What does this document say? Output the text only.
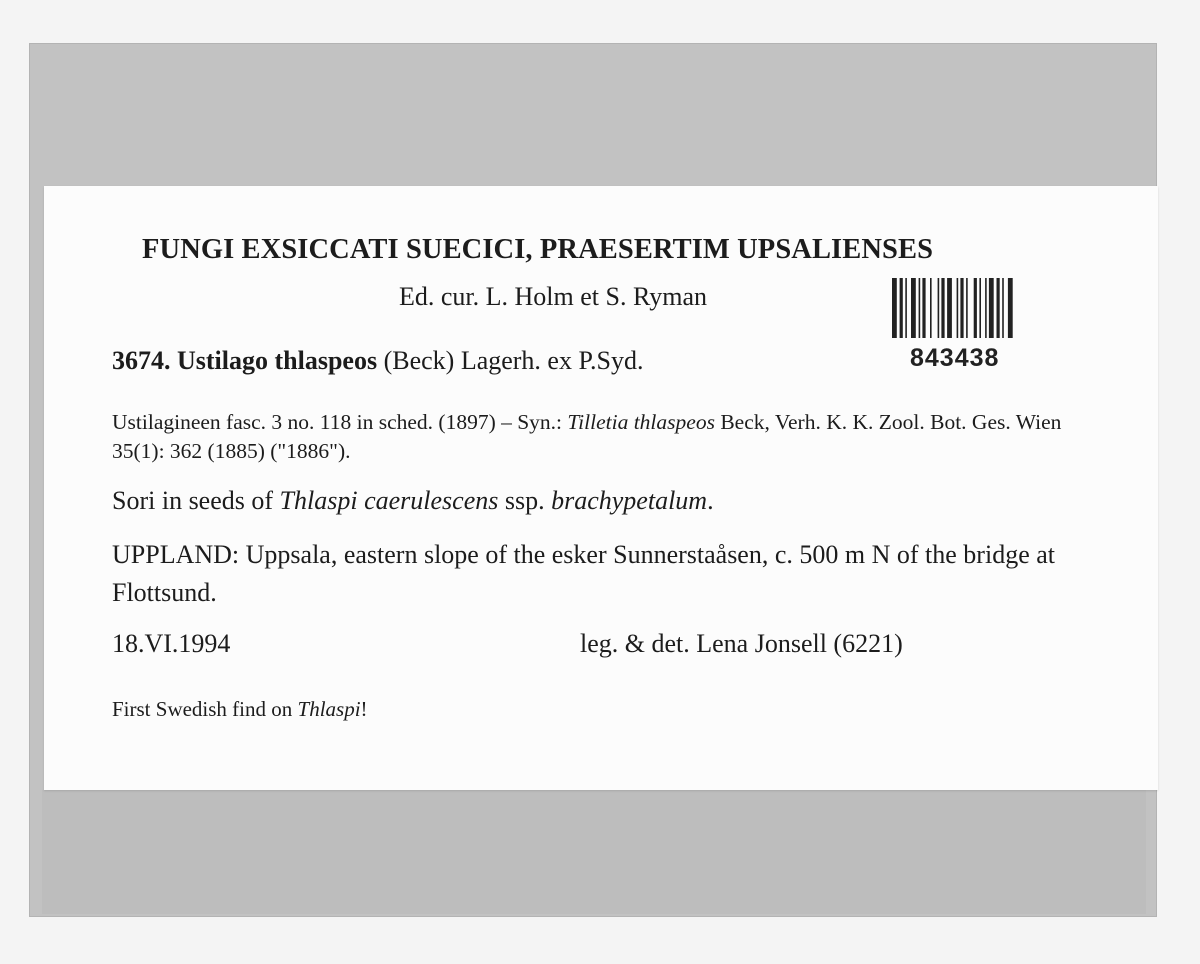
FUNGI EXSICCATI SUECICI, PRAESERTIM UPSALIENSES
Ed. cur. L. Holm et S. Ryman
3674. Ustilago thlaspeos (Beck) Lagerh. ex P.Syd.
Ustilagineen fasc. 3 no. 118 in sched. (1897) – Syn.: Tilletia thlaspeos Beck, Verh. K. K. Zool. Bot. Ges. Wien 35(1): 362 (1885) ("1886").
Sori in seeds of Thlaspi caerulescens ssp. brachypetalum.
UPPLAND: Uppsala, eastern slope of the esker Sunnerstaåsen, c. 500 m N of the bridge at Flottsund.
18.VI.1994	leg. & det. Lena Jonsell (6221)
First Swedish find on Thlaspi!
843438
